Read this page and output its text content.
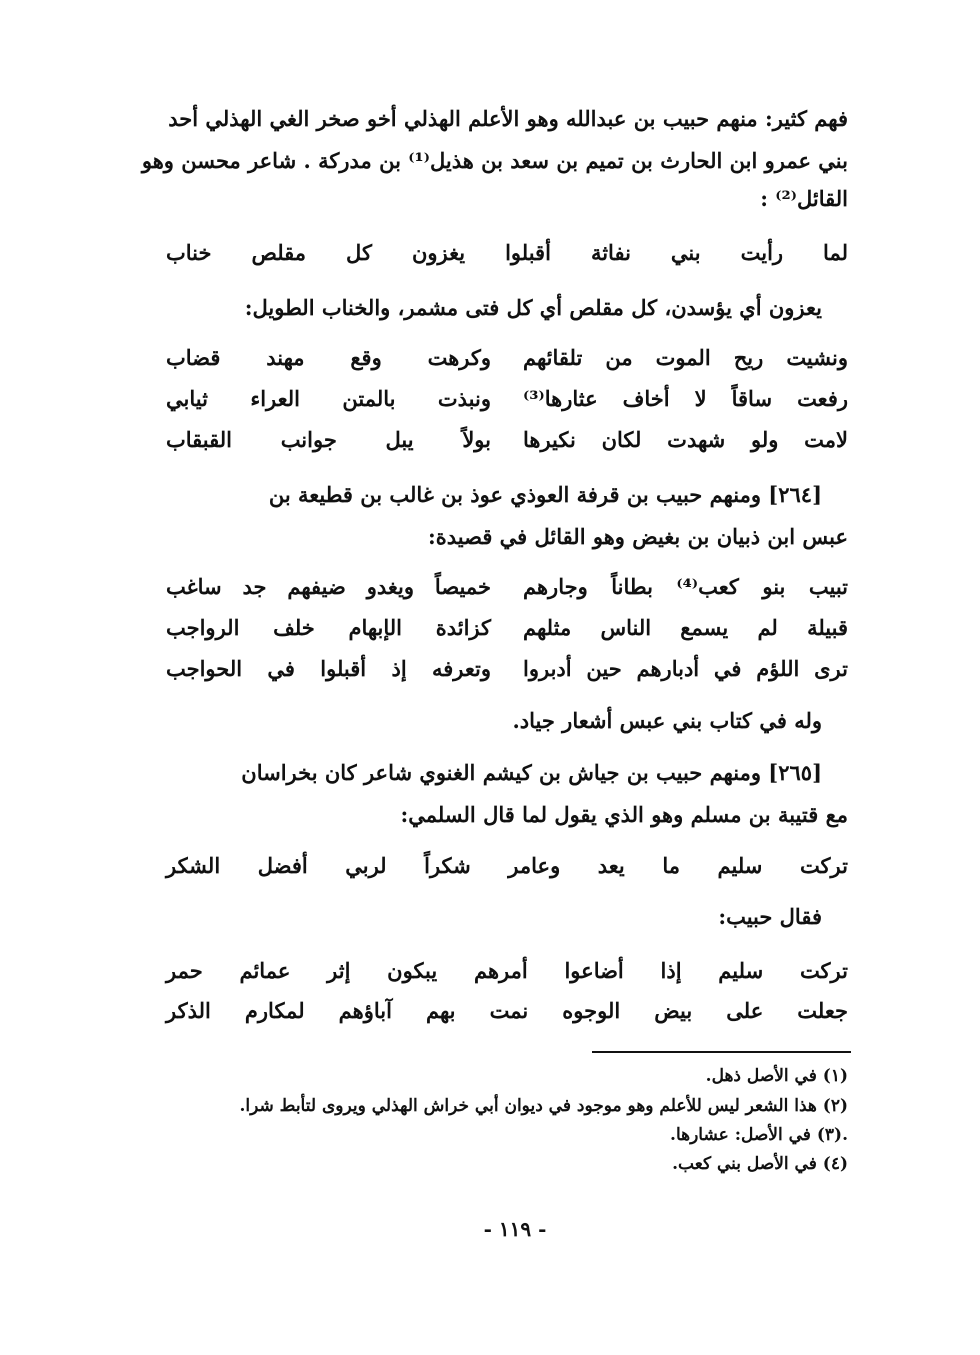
فهم كثير: منهم حبيب بن عبدالله وهو الأعلم الهذلي أخو صخر الغي الهذلي أحد
بني عمرو ابن الحارث بن تميم بن سعد بن هذيل⁽¹⁾ بن مدركة . شاعر محسن وهو
القائل⁽²⁾ :
لما رأيت بني نفاثة أقبلوا يغزون كل مقلص خناب
يعزون أي يؤسدن، كل مقلص أي كل فتى مشمر، والخناب الطويل:
ونشيت ريح الموت من تلقائهم
وكرهت وقع مهند قضاب
رفعت ساقاً لا أخاف عثارها⁽³⁾
ونبذت بالمتن العراء ثيابي
لامت ولو شهدت لكان نكيرها
بولاً يبل جوانب القبقاب
[٢٦٤] ومنهم حبيب بن قرفة العوذي عوذ بن غالب بن قطيعة بن
عبس ابن ذبيان بن بغيض وهو القائل في قصيدة:
تبيب بنو كعب⁽⁴⁾ بطاناً وجارهم
خميصاً ويغدو ضيفهم جد ساغب
قبيلة لم يسمع الناس مثلهم
كزائدة الإبهام خلف الرواجب
ترى اللؤم في أدبارهم حين أدبروا
وتعرفه إذ أقبلوا في الحواجب
وله في كتاب بني عبس أشعار جياد.
[٢٦٥] ومنهم حبيب بن جياش بن كيشم الغنوي شاعر كان بخراسان
مع قتيبة بن مسلم وهو الذي يقول لما قال السلمي:
تركت سليم ما يعد وعامر شكراً لربي أفضل الشكر
فقال حبيب:
تركت سليم إذا أضاعوا أمرهم يبكون إثر عمائم حمر
جعلت على بيض الوجوه نمت بهم آباؤهم لمكارم الذكر
(١) في الأصل ذهل.
(٢) هذا الشعر ليس للأعلم وهو موجود في ديوان أبي خراش الهذلي ويروى لتأبط شرا.
.(٣) في الأصل: عشارها.
(٤) في الأصل بني كعب.
- ١١٩ -
